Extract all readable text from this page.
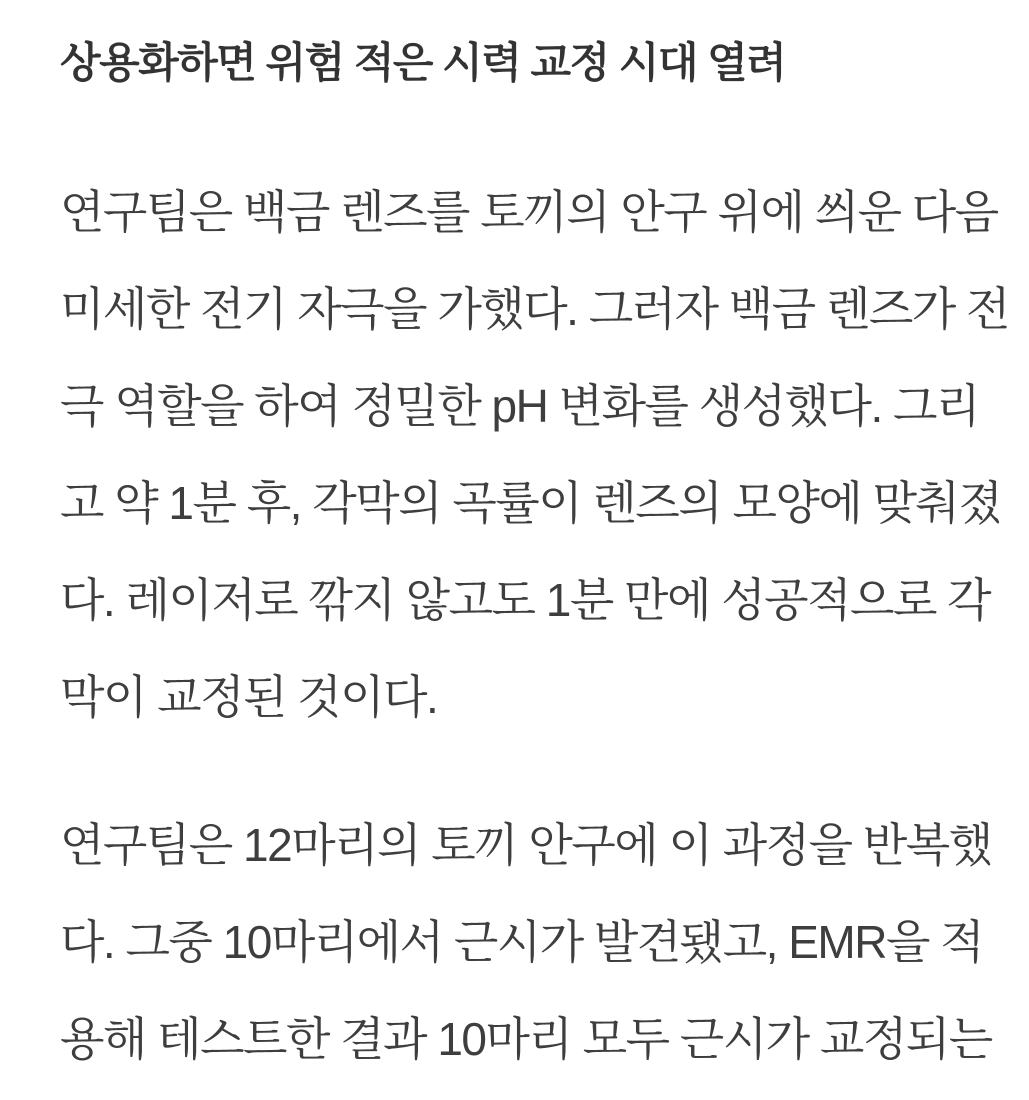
상용화하면 위험 적은 시력 교정 시대 열려
연구팀은 백금 렌즈를 토끼의 안구 위에 씌운 다음
미세한 전기 자극을 가했다. 그러자 백금 렌즈가 전
극 역할을 하여 정밀한 pH 변화를 생성했다. 그리
고 약 1분 후, 각막의 곡률이 렌즈의 모양에 맞춰졌
다. 레이저로 깎지 않고도 1분 만에 성공적으로 각
막이 교정된 것이다.
연구팀은 12마리의 토끼 안구에 이 과정을 반복했
다. 그중 10마리에서 근시가 발견됐고, EMR을 적
용해 테스트한 결과 10마리 모두 근시가 교정되는
